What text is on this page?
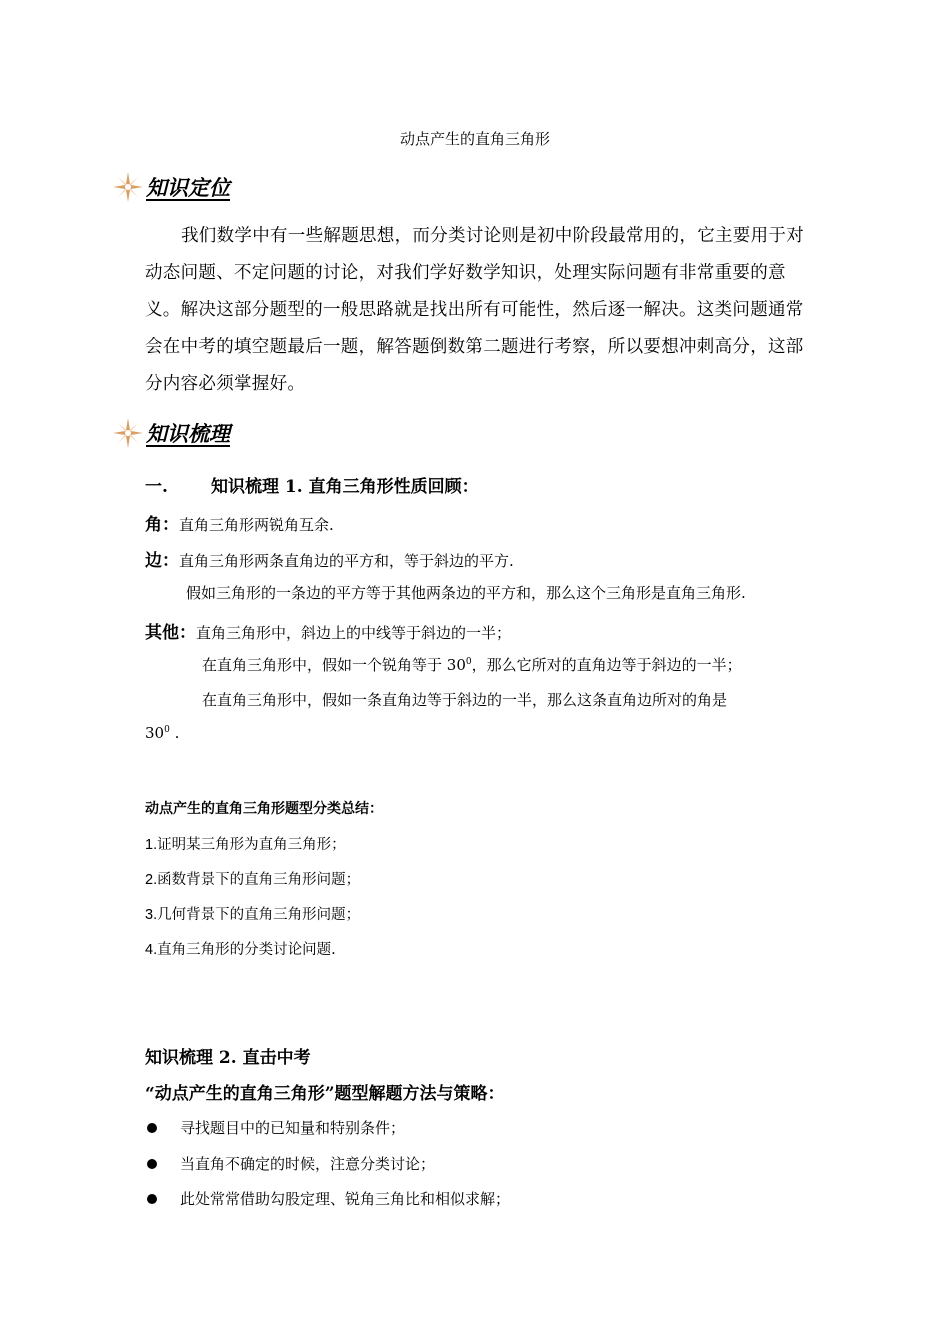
动点产生的直角三角形
知识定位
我们数学中有一些解题思想，而分类讨论则是初中阶段最常用的，它主要用于对动态问题、不定问题的讨论，对我们学好数学知识，处理实际问题有非常重要的意义。解决这部分题型的一般思路就是找出所有可能性，然后逐一解决。这类问题通常会在中考的填空题最后一题，解答题倒数第二题进行考察，所以要想冲刺高分，这部分内容必须掌握好。
知识梳理
一.	知识梳理 1. 直角三角形性质回顾：
角：直角三角形两锐角互余.
边：直角三角形两条直角边的平方和，等于斜边的平方.
假如三角形的一条边的平方等于其他两条边的平方和，那么这个三角形是直角三角形.
其他：直角三角形中，斜边上的中线等于斜边的一半；
在直角三角形中，假如一个锐角等于 $30^0$，那么它所对的直角边等于斜边的一半；
在直角三角形中，假如一条直角边等于斜边的一半，那么这条直角边所对的角是
$30^0$ .
动点产生的直角三角形题型分类总结：
1.证明某三角形为直角三角形；
2.函数背景下的直角三角形问题；
3.几何背景下的直角三角形问题；
4.直角三角形的分类讨论问题.
知识梳理 2. 直击中考
“动点产生的直角三角形”题型解题方法与策略：
寻找题目中的已知量和特别条件；
当直角不确定的时候，注意分类讨论；
此处常常借助勾股定理、锐角三角比和相似求解；
